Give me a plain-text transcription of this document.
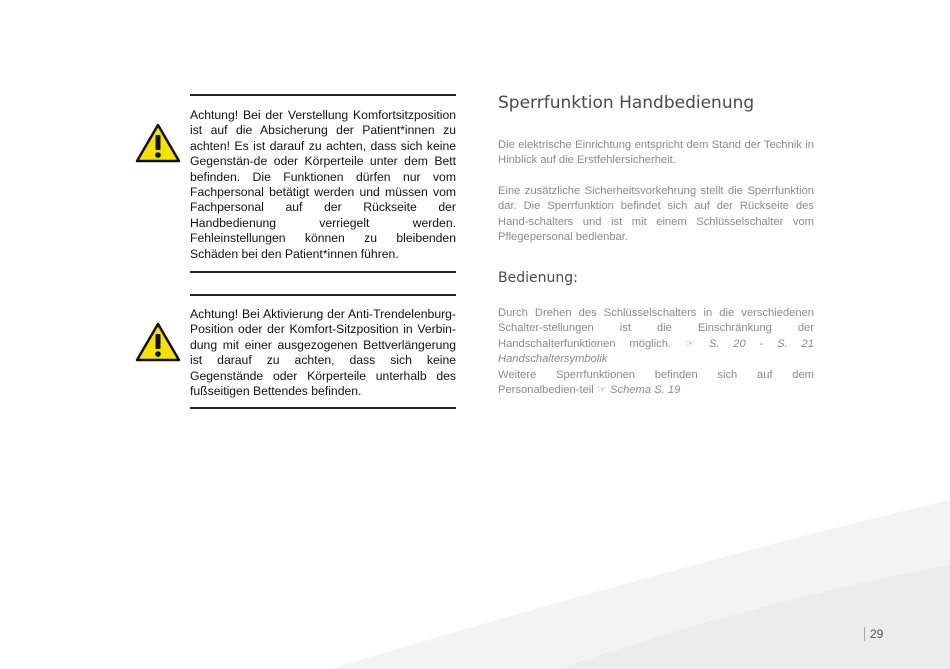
Achtung! Bei der Verstellung Komfortsitzposition ist auf die Absicherung der Patient*innen zu achten! Es ist darauf zu achten, dass sich keine Gegenstän-de oder Körperteile unter dem Bett befinden. Die Funktionen dürfen nur vom Fachpersonal betätigt werden und müssen vom Fachpersonal auf der Rückseite der Handbedienung verriegelt werden. Fehleinstellungen können zu bleibenden Schäden bei den Patient*innen führen.

Achtung! Bei Aktivierung der Anti-Trendelenburg-Position oder der Komfort-Sitzposition in Verbin-dung mit einer ausgezogenen Bettverlängerung ist darauf zu achten, dass sich keine Gegenstände oder Körperteile unterhalb des fußseitigen Bettendes befinden.

Sperrfunktion Handbedienung

Die elektrische Einrichtung entspricht dem Stand der Technik in Hinblick auf die Erstfehlersicherheit.

Eine zusätzliche Sicherheitsvorkehrung stellt die Sperrfunktion dar. Die Sperrfunktion befindet sich auf der Rückseite des Hand-schalters und ist mit einem Schlüsselschalter vom Pflegepersonal bedienbar.

Bedienung:

Durch Drehen des Schlüsselschalters in die verschiedenen Schalter-stellungen ist die Einschränkung der Handschalterfunktionen möglich. ☞ S. 20 - S. 21 Handschaltersymbolik

Weitere Sperrfunktionen befinden sich auf dem Personalbedien-teil ☞ Schema S. 19

29
